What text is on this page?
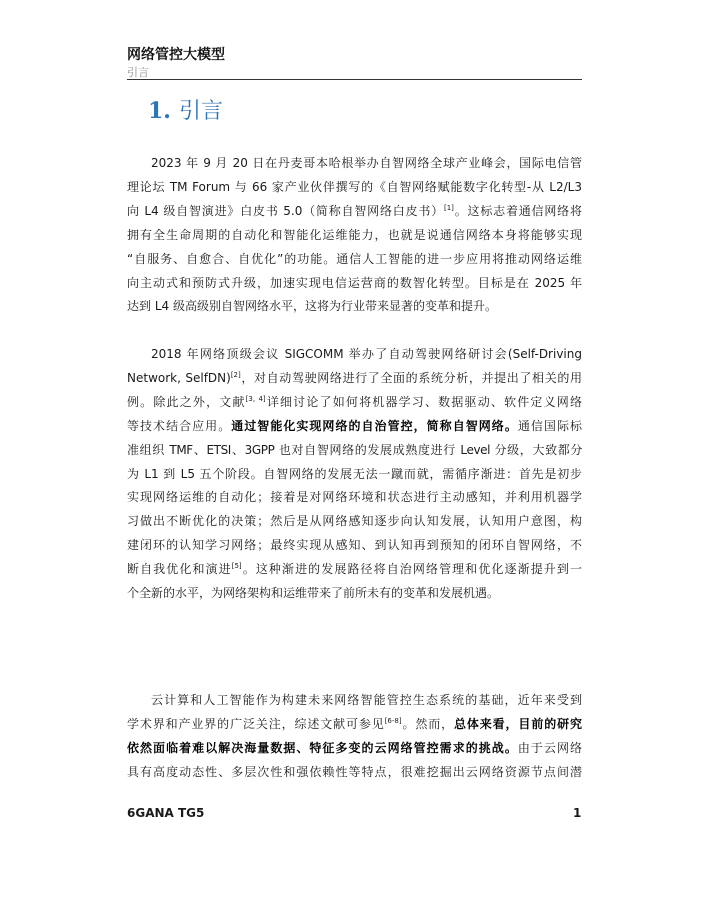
网络管控大模型
引言
1. 引言
2023 年 9 月 20 日在丹麦哥本哈根举办自智网络全球产业峰会，国际电信管
理论坛 TM Forum 与 66 家产业伙伴撰写的《自智网络赋能数字化转型-从 L2/L3
向 L4 级自智演进》白皮书 5.0（简称自智网络白皮书）[1]。这标志着通信网络将
拥有全生命周期的自动化和智能化运维能力，也就是说通信网络本身将能够实现
“自服务、自愈合、自优化”的功能。通信人工智能的进一步应用将推动网络运维
向主动式和预防式升级，加速实现电信运营商的数智化转型。目标是在 2025 年
达到 L4 级高级别自智网络水平，这将为行业带来显著的变革和提升。
2018 年网络顶级会议 SIGCOMM 举办了自动驾驶网络研讨会(Self-Driving
Network, SelfDN)[2]，对自动驾驶网络进行了全面的系统分析，并提出了相关的用
例。除此之外，文献[3, 4]详细讨论了如何将机器学习、数据驱动、软件定义网络
等技术结合应用。通过智能化实现网络的自治管控，简称自智网络。通信国际标
准组织 TMF、ETSI、3GPP 也对自智网络的发展成熟度进行 Level 分级，大致都分
为 L1 到 L5 五个阶段。自智网络的发展无法一蹴而就，需循序渐进：首先是初步
实现网络运维的自动化；接着是对网络环境和状态进行主动感知，并利用机器学
习做出不断优化的决策；然后是从网络感知逐步向认知发展，认知用户意图，构
建闭环的认知学习网络；最终实现从感知、到认知再到预知的闭环自智网络，不
断自我优化和演进[5]。这种渐进的发展路径将自治网络管理和优化逐渐提升到一
个全新的水平，为网络架构和运维带来了前所未有的变革和发展机遇。
云计算和人工智能作为构建未来网络智能管控生态系统的基础，近年来受到
学术界和产业界的广泛关注，综述文献可参见[6-8]。然而，总体来看，目前的研究
依然面临着难以解决海量数据、特征多变的云网络管控需求的挑战。由于云网络
具有高度动态性、多层次性和强依赖性等特点，很难挖掘出云网络资源节点间潜
6GANA TG5	1
